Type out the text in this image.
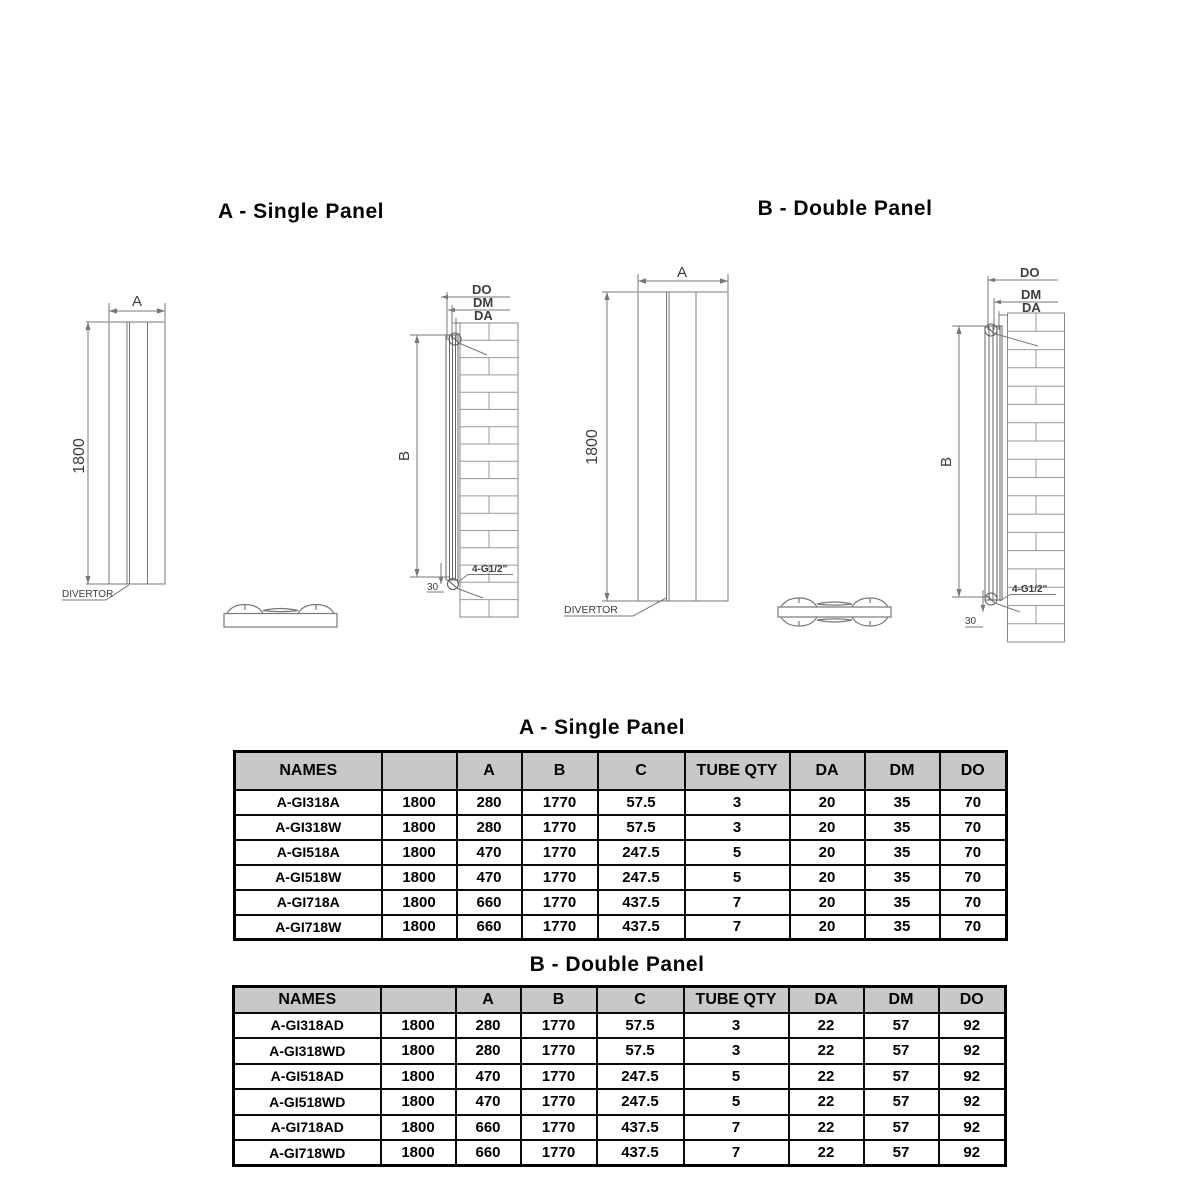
A - Single Panel	B - Double Panel
A
1800
DIVERTOR
DO
DM
DA
B
4-G1/2"
30
A
1800
DIVERTOR
DO
DM
DA
B
4-G1/2"
30
A - Single Panel
NAMES		A	B	C	TUBE QTY	DA	DM	DO
A-GI318A	1800	280	1770	57.5	3	20	35	70
A-GI318W	1800	280	1770	57.5	3	20	35	70
A-GI518A	1800	470	1770	247.5	5	20	35	70
A-GI518W	1800	470	1770	247.5	5	20	35	70
A-GI718A	1800	660	1770	437.5	7	20	35	70
A-GI718W	1800	660	1770	437.5	7	20	35	70
B - Double Panel
NAMES		A	B	C	TUBE QTY	DA	DM	DO
A-GI318AD	1800	280	1770	57.5	3	22	57	92
A-GI318WD	1800	280	1770	57.5	3	22	57	92
A-GI518AD	1800	470	1770	247.5	5	22	57	92
A-GI518WD	1800	470	1770	247.5	5	22	57	92
A-GI718AD	1800	660	1770	437.5	7	22	57	92
A-GI718WD	1800	660	1770	437.5	7	22	57	92
